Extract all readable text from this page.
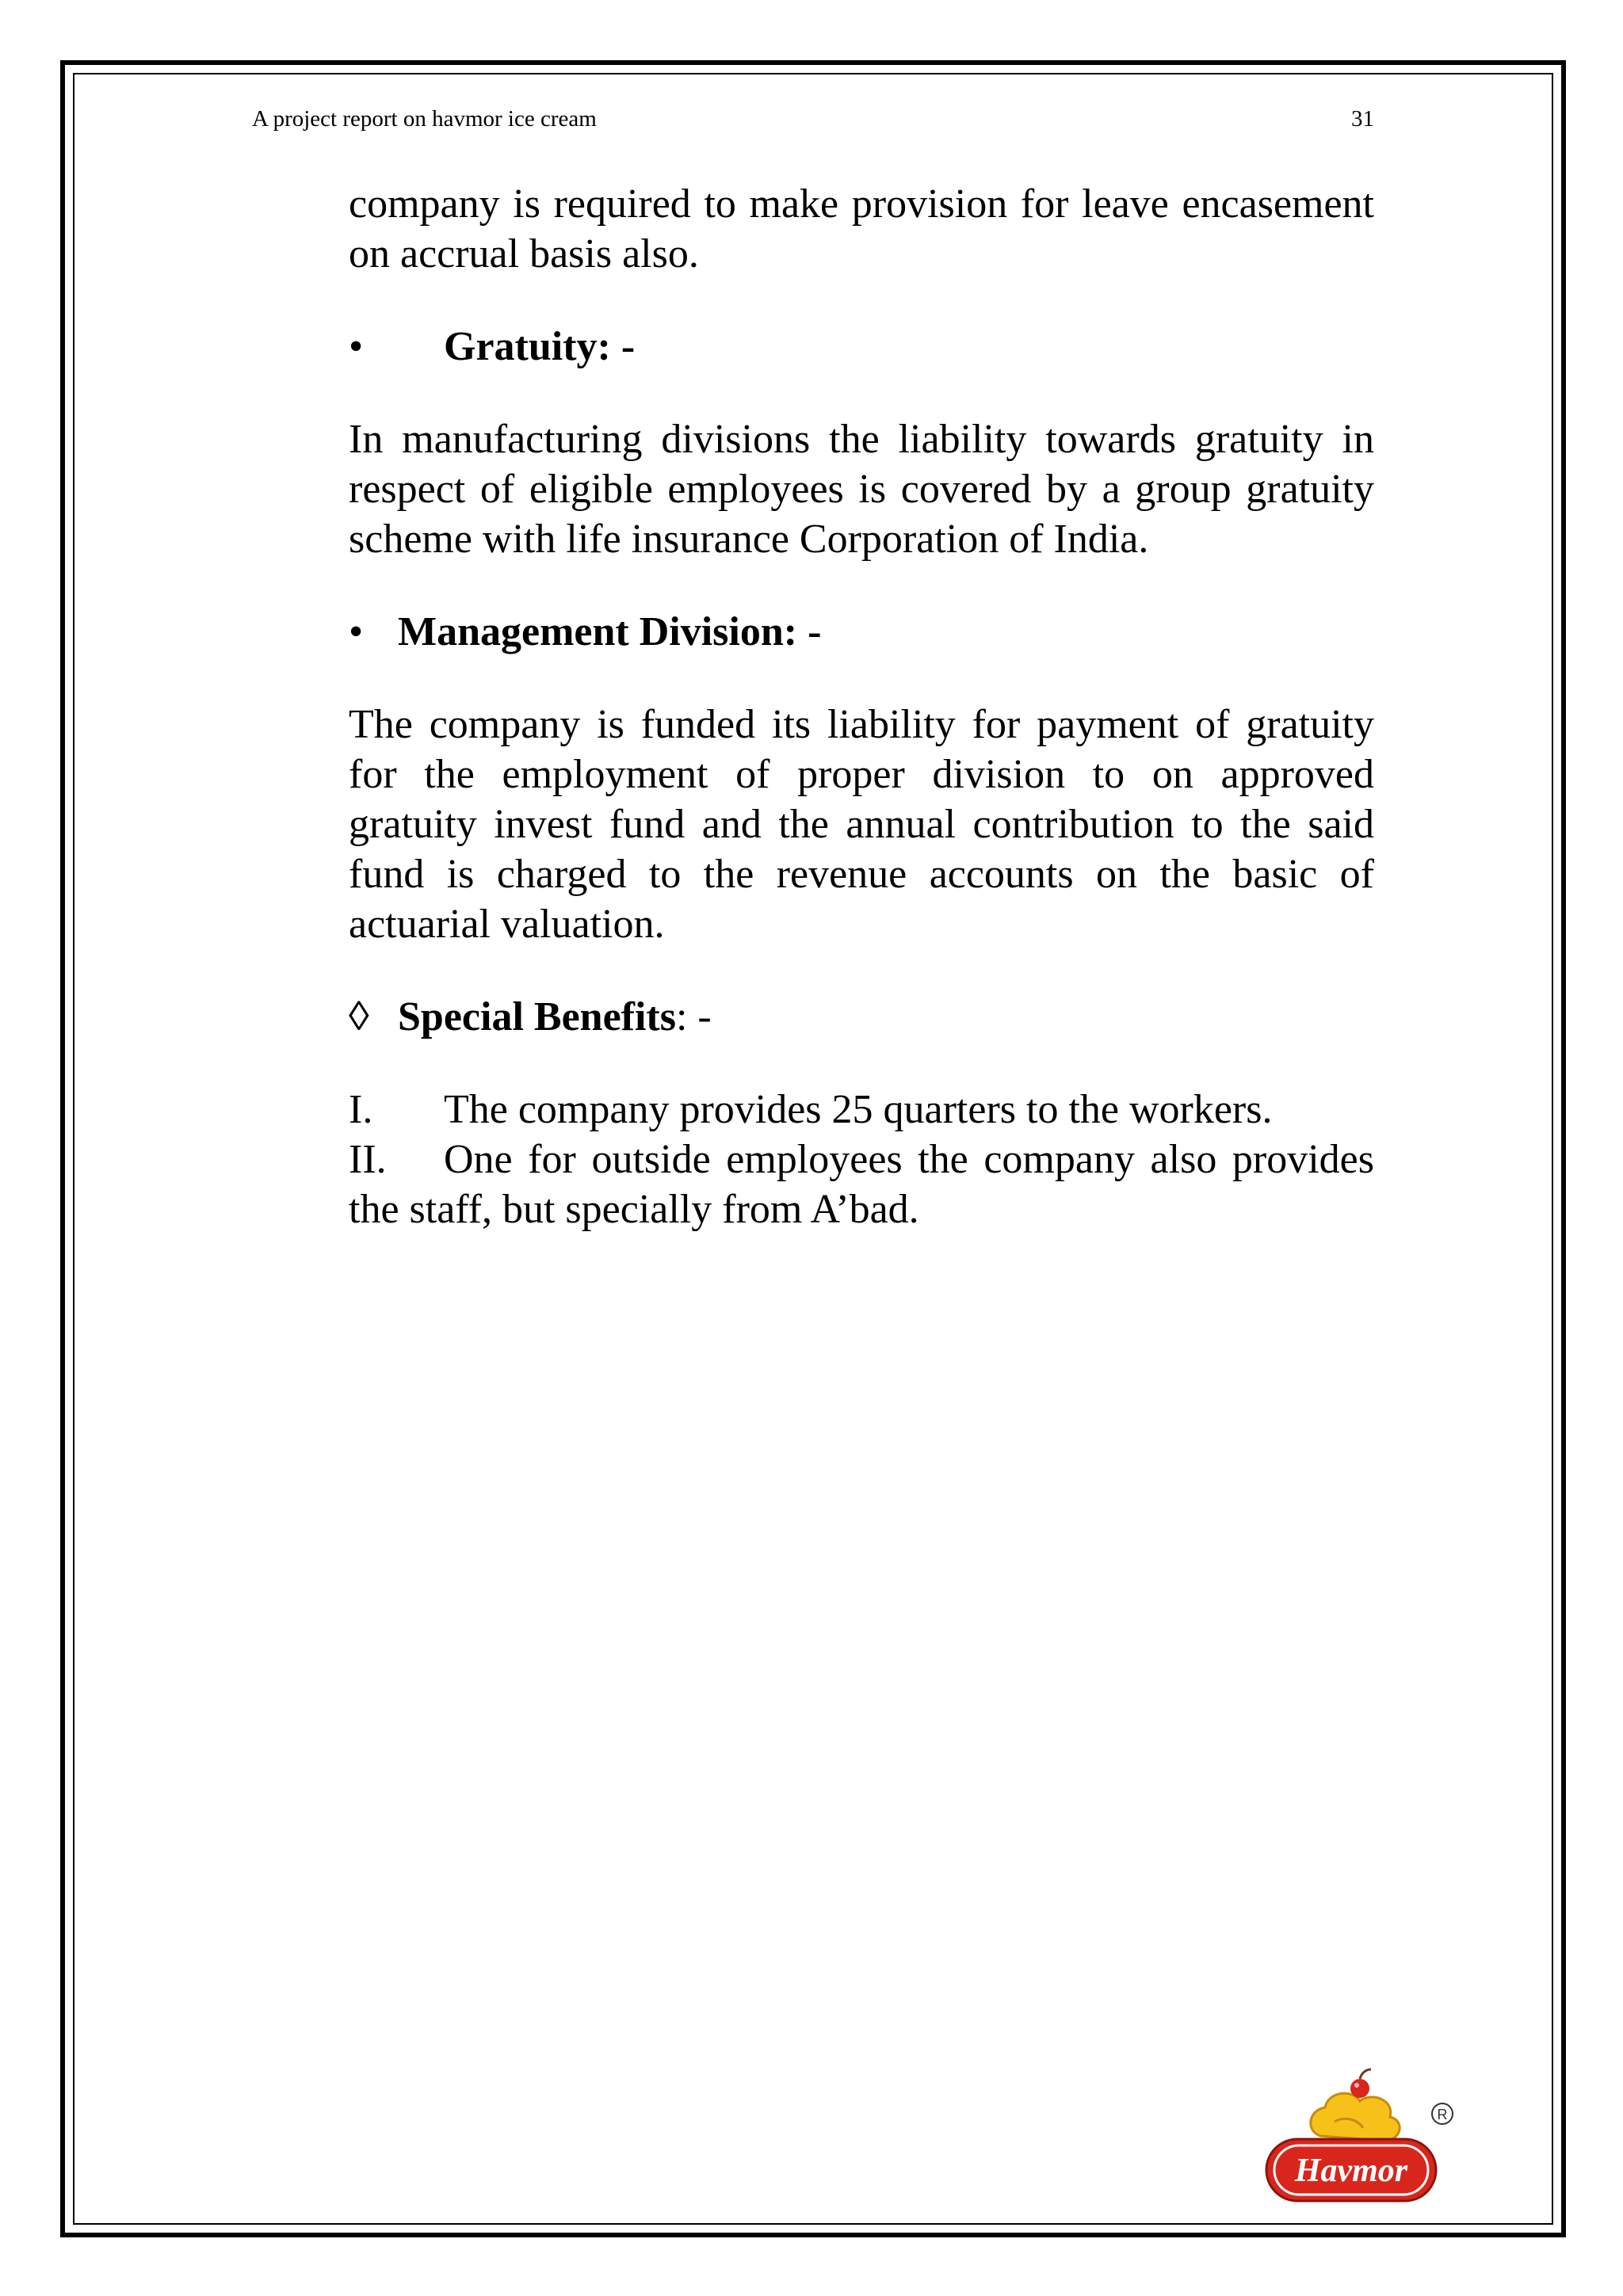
A project report on havmor ice cream	31

company is required to make provision for leave encasement on accrual basis also.

•	Gratuity: -

In manufacturing divisions the liability towards gratuity in respect of eligible employees is covered by a group gratuity scheme with life insurance Corporation of India.

• Management Division: -

The company is funded its liability for payment of gratuity for the employment of proper division to on approved gratuity invest fund and the annual contribution to the said fund is charged to the revenue accounts on the basic of actuarial valuation.

◊ Special Benefits : -

I. The company provides 25 quarters to the workers.

II. One for outside employees the company also provides the staff, but specially from A’bad.

Havmor
R
